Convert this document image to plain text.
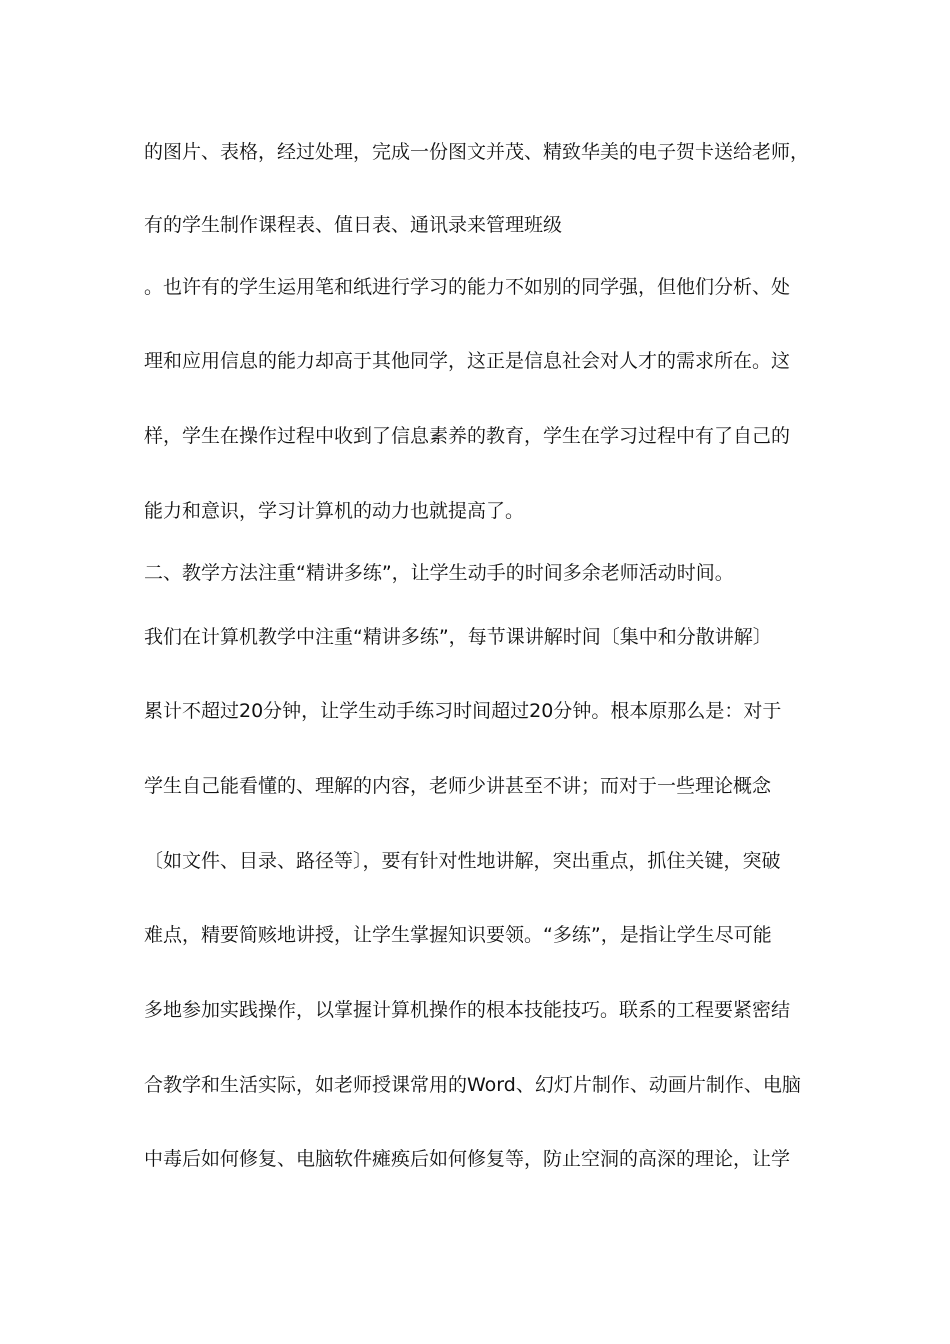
的图片、表格，经过处理，完成一份图文并茂、精致华美的电子贺卡送给老师，
有的学生制作课程表、值日表、通讯录来管理班级
。也许有的学生运用笔和纸进行学习的能力不如别的同学强，但他们分析、处
理和应用信息的能力却高于其他同学，这正是信息社会对人才的需求所在。这
样，学生在操作过程中收到了信息素养的教育，学生在学习过程中有了自己的
能力和意识，学习计算机的动力也就提高了。
二、教学方法注重“精讲多练”，让学生动手的时间多余老师活动时间。
我们在计算机教学中注重“精讲多练”，每节课讲解时间〔集中和分散讲解〕
累计不超过20分钟，让学生动手练习时间超过20分钟。根本原那么是：对于
学生自己能看懂的、理解的内容，老师少讲甚至不讲；而对于一些理论概念
〔如文件、目录、路径等〕，要有针对性地讲解，突出重点，抓住关键，突破
难点，精要简赅地讲授，让学生掌握知识要领。“多练”，是指让学生尽可能
多地参加实践操作，以掌握计算机操作的根本技能技巧。联系的工程要紧密结
合教学和生活实际，如老师授课常用的Word、幻灯片制作、动画片制作、电脑
中毒后如何修复、电脑软件瘫痪后如何修复等，防止空洞的高深的理论，让学
